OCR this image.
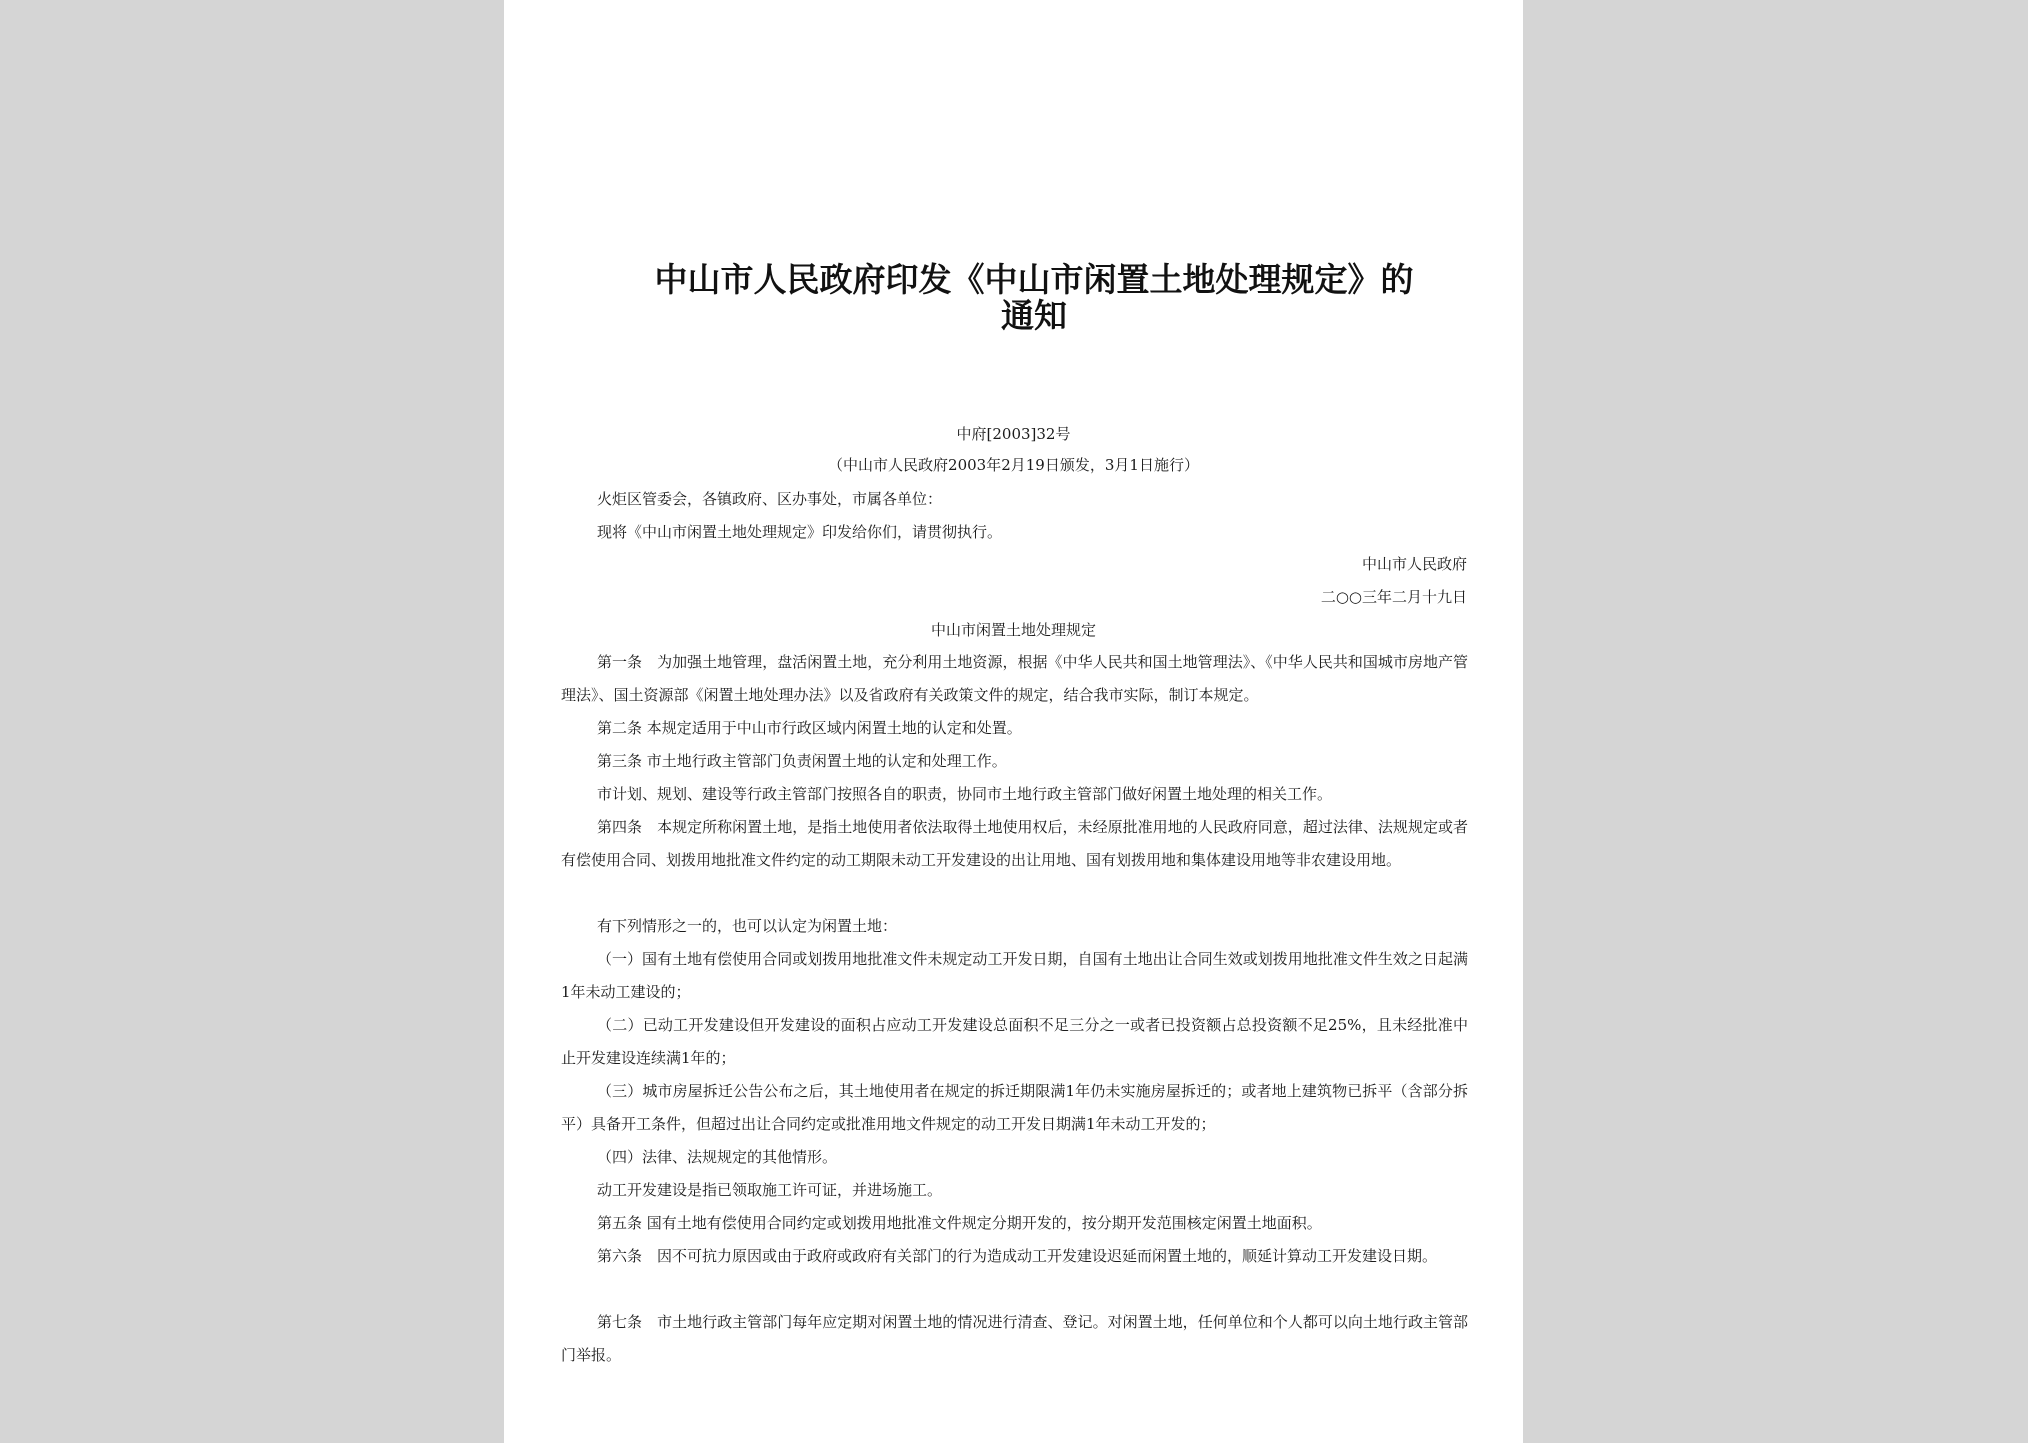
中山市人民政府印发《中山市闲置土地处理规定》的
通知
中府[2003]32号
（中山市人民政府2003年2月19日颁发，3月1日施行）
火炬区管委会，各镇政府、区办事处，市属各单位：
现将《中山市闲置土地处理规定》印发给你们，请贯彻执行。
中山市人民政府
二○○三年二月十九日
中山市闲置土地处理规定
第一条　为加强土地管理，盘活闲置土地，充分利用土地资源，根据《中华人民共和国土地管理法》、《中华人民共和国城市房地产管理法》、国土资源部《闲置土地处理办法》以及省政府有关政策文件的规定，结合我市实际，制订本规定。
第二条 本规定适用于中山市行政区域内闲置土地的认定和处置。
第三条 市土地行政主管部门负责闲置土地的认定和处理工作。
市计划、规划、建设等行政主管部门按照各自的职责，协同市土地行政主管部门做好闲置土地处理的相关工作。
第四条　本规定所称闲置土地，是指土地使用者依法取得土地使用权后，未经原批准用地的人民政府同意，超过法律、法规规定或者有偿使用合同、划拨用地批准文件约定的动工期限未动工开发建设的出让用地、国有划拨用地和集体建设用地等非农建设用地。
有下列情形之一的，也可以认定为闲置土地：
（一）国有土地有偿使用合同或划拨用地批准文件未规定动工开发日期，自国有土地出让合同生效或划拨用地批准文件生效之日起满1年未动工建设的；
（二）已动工开发建设但开发建设的面积占应动工开发建设总面积不足三分之一或者已投资额占总投资额不足25%，且未经批准中止开发建设连续满1年的；
（三）城市房屋拆迁公告公布之后，其土地使用者在规定的拆迁期限满1年仍未实施房屋拆迁的；或者地上建筑物已拆平（含部分拆平）具备开工条件，但超过出让合同约定或批准用地文件规定的动工开发日期满1年未动工开发的；
（四）法律、法规规定的其他情形。
动工开发建设是指已领取施工许可证，并进场施工。
第五条 国有土地有偿使用合同约定或划拨用地批准文件规定分期开发的，按分期开发范围核定闲置土地面积。
第六条　因不可抗力原因或由于政府或政府有关部门的行为造成动工开发建设迟延而闲置土地的，顺延计算动工开发建设日期。
第七条　市土地行政主管部门每年应定期对闲置土地的情况进行清查、登记。对闲置土地，任何单位和个人都可以向土地行政主管部门举报。
